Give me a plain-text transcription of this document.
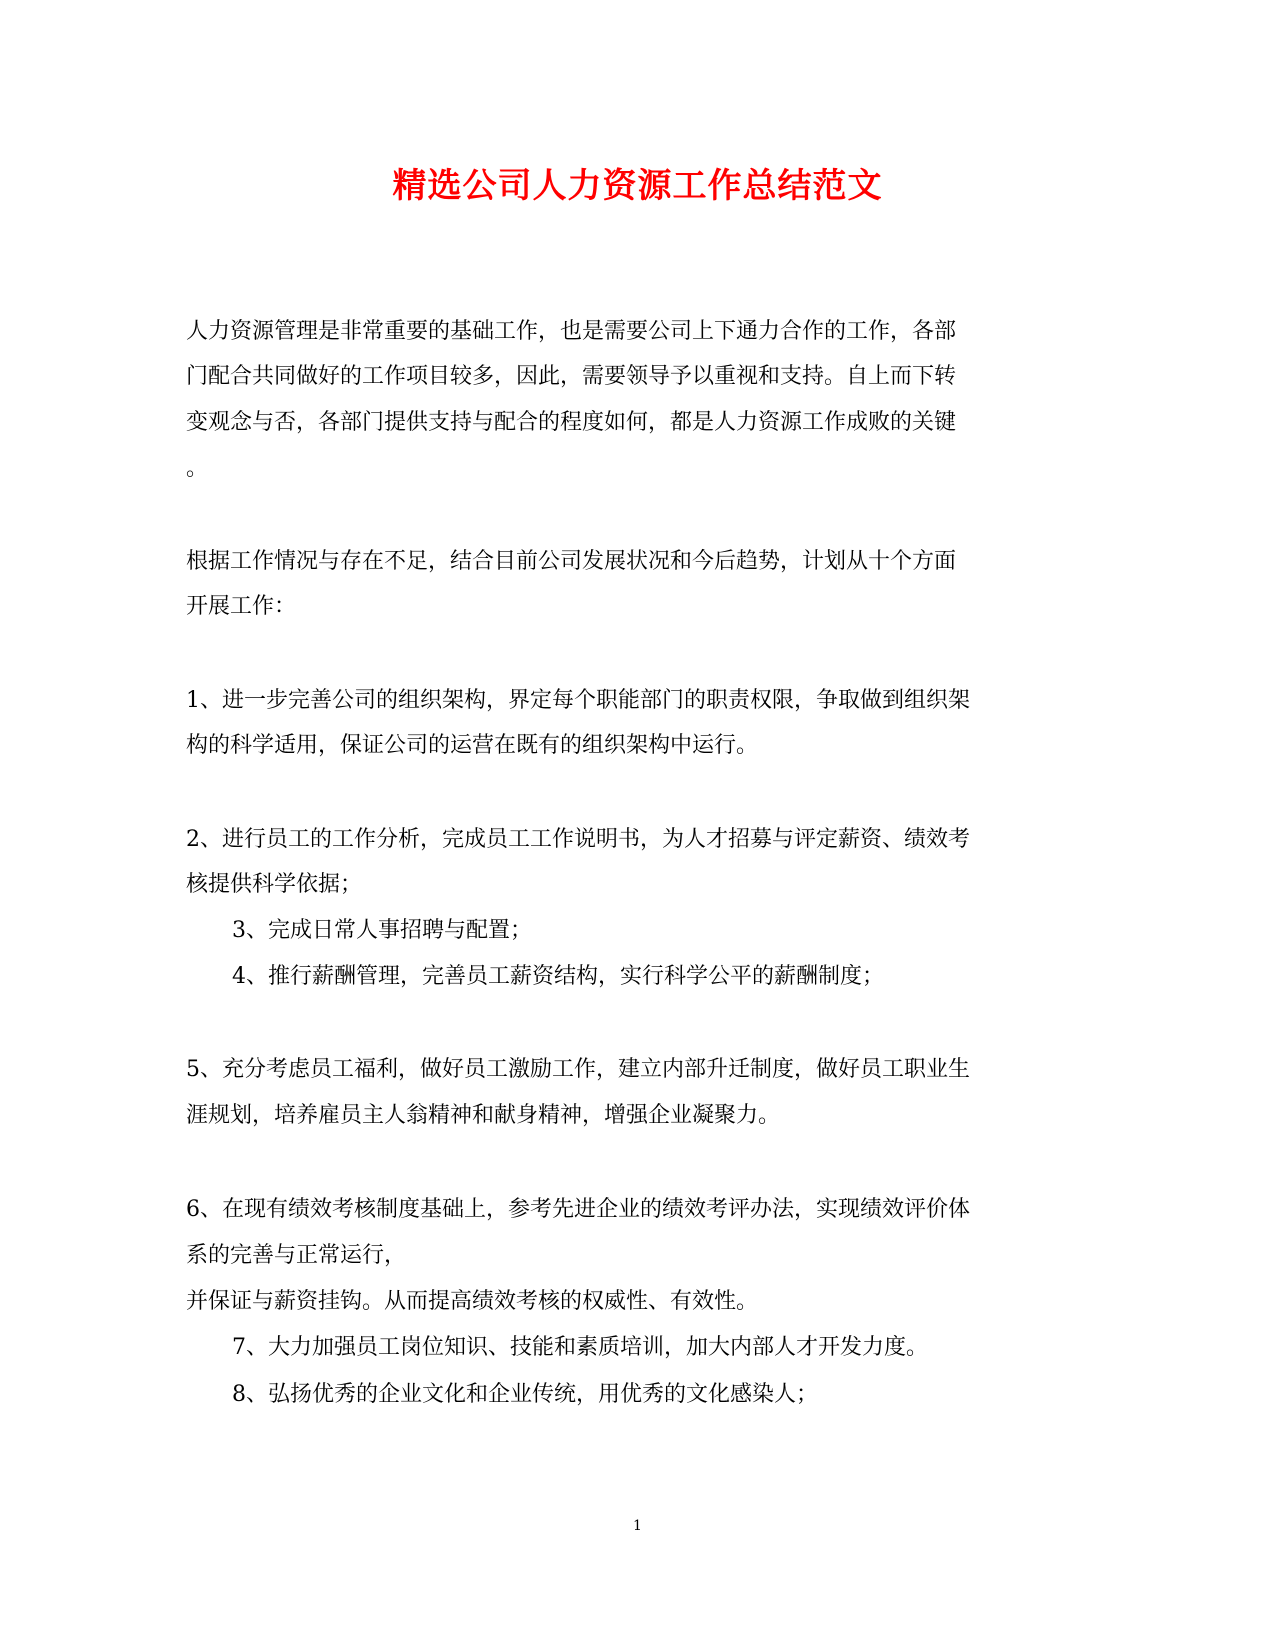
精选公司人力资源工作总结范文
人力资源管理是非常重要的基础工作，也是需要公司上下通力合作的工作，各部
门配合共同做好的工作项目较多，因此，需要领导予以重视和支持。自上而下转
变观念与否，各部门提供支持与配合的程度如何，都是人力资源工作成败的关键
。
根据工作情况与存在不足，结合目前公司发展状况和今后趋势，计划从十个方面
开展工作：
1、进一步完善公司的组织架构，界定每个职能部门的职责权限，争取做到组织架
构的科学适用，保证公司的运营在既有的组织架构中运行。
2、进行员工的工作分析，完成员工工作说明书，为人才招募与评定薪资、绩效考
核提供科学依据；
3、完成日常人事招聘与配置；
4、推行薪酬管理，完善员工薪资结构，实行科学公平的薪酬制度；
5、充分考虑员工福利，做好员工激励工作，建立内部升迁制度，做好员工职业生
涯规划，培养雇员主人翁精神和献身精神，增强企业凝聚力。
6、在现有绩效考核制度基础上，参考先进企业的绩效考评办法，实现绩效评价体
系的完善与正常运行，
并保证与薪资挂钩。从而提高绩效考核的权威性、有效性。
7、大力加强员工岗位知识、技能和素质培训，加大内部人才开发力度。
8、弘扬优秀的企业文化和企业传统，用优秀的文化感染人；
1
